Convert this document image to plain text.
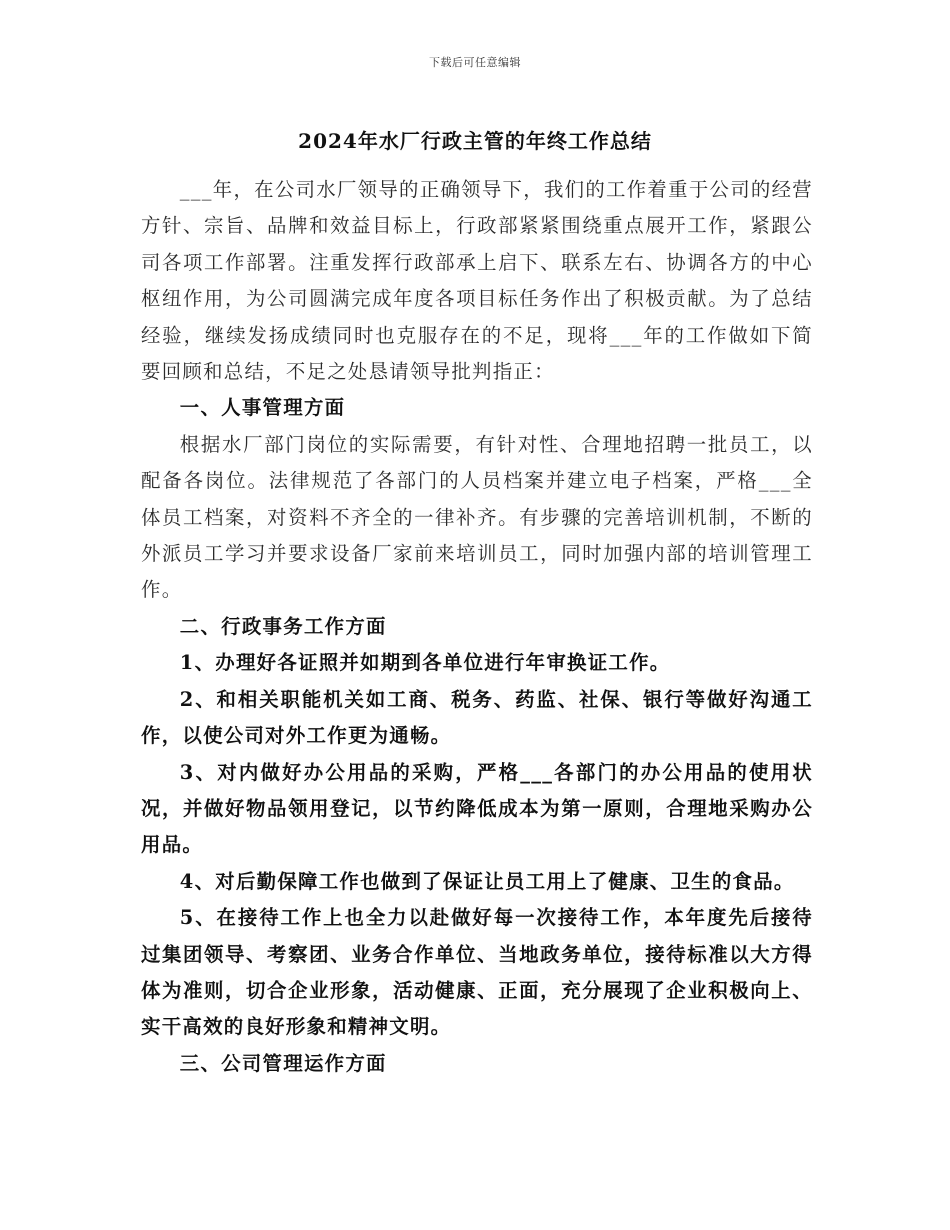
下载后可任意编辑
2024年水厂行政主管的年终工作总结

___年，在公司水厂领导的正确领导下，我们的工作着重于公司的经营方针、宗旨、品牌和效益目标上，行政部紧紧围绕重点展开工作，紧跟公司各项工作部署。注重发挥行政部承上启下、联系左右、协调各方的中心枢纽作用，为公司圆满完成年度各项目标任务作出了积极贡献。为了总结经验，继续发扬成绩同时也克服存在的不足，现将___年的工作做如下简要回顾和总结，不足之处恳请领导批判指正：

一、人事管理方面

根据水厂部门岗位的实际需要，有针对性、合理地招聘一批员工，以配备各岗位。法律规范了各部门的人员档案并建立电子档案，严格___全体员工档案，对资料不齐全的一律补齐。有步骤的完善培训机制，不断的外派员工学习并要求设备厂家前来培训员工，同时加强内部的培训管理工作。

二、行政事务工作方面

1、办理好各证照并如期到各单位进行年审换证工作。

2、和相关职能机关如工商、税务、药监、社保、银行等做好沟通工作，以使公司对外工作更为通畅。

3、对内做好办公用品的采购，严格___各部门的办公用品的使用状况，并做好物品领用登记，以节约降低成本为第一原则，合理地采购办公用品。

4、对后勤保障工作也做到了保证让员工用上了健康、卫生的食品。

5、在接待工作上也全力以赴做好每一次接待工作，本年度先后接待过集团领导、考察团、业务合作单位、当地政务单位，接待标准以大方得体为准则，切合企业形象，活动健康、正面，充分展现了企业积极向上、实干高效的良好形象和精神文明。

三、公司管理运作方面
